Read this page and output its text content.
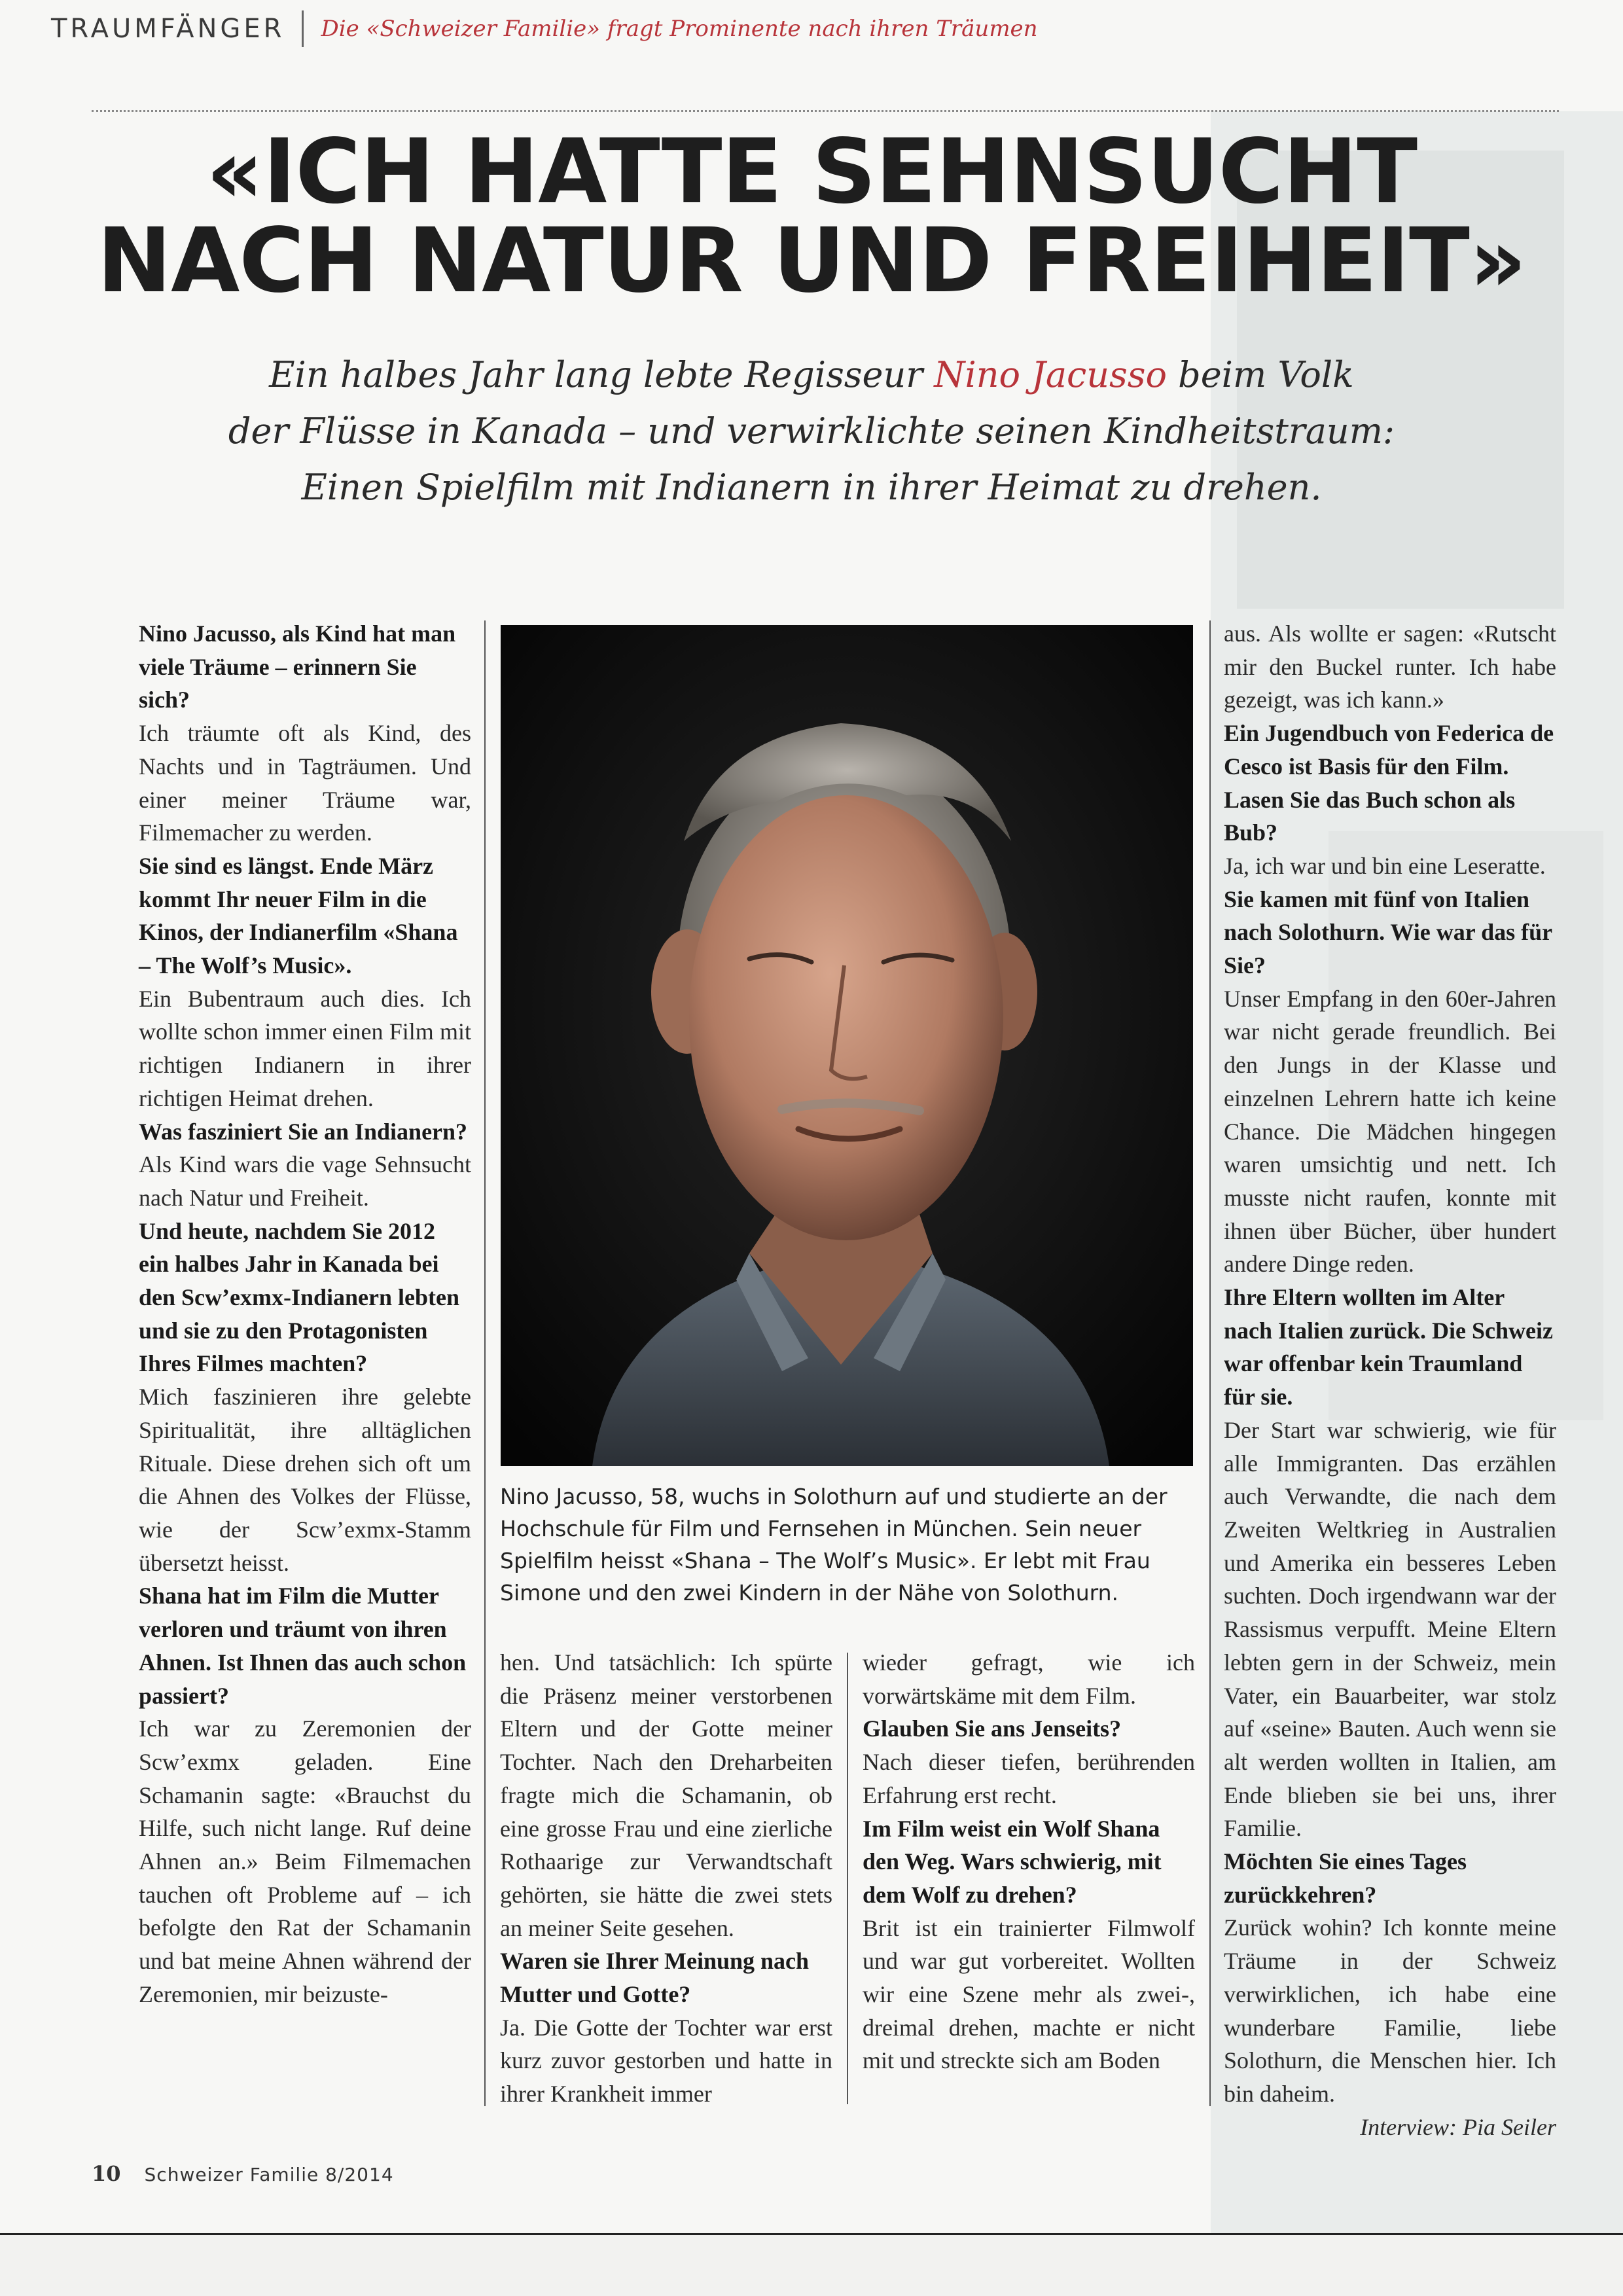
TRAUMFÄNGER Die «Schweizer Familie» fragt Prominente nach ihren Träumen
«ICH HATTE SEHNSUCHT
NACH NATUR UND FREIHEIT»
Ein halbes Jahr lang lebte Regisseur Nino Jacusso beim Volk
der Flüsse in Kanada – und verwirklichte seinen Kindheitstraum:
Einen Spielfilm mit Indianern in ihrer Heimat zu drehen.

Nino Jacusso, als Kind hat man viele Träume – erinnern Sie sich?

Ich träumte oft als Kind, des Nachts und in Tagträumen. Und einer meiner Träume war, Filmemacher zu werden.

Sie sind es längst. Ende März kommt Ihr neuer Film in die Kinos, der Indianerfilm «Shana – The Wolf’s Music».

Ein Bubentraum auch dies. Ich wollte schon immer einen Film mit richtigen Indianern in ihrer richtigen Heimat drehen.

Was fasziniert Sie an Indianern?

Als Kind wars die vage Sehnsucht nach Natur und Freiheit.

Und heute, nachdem Sie 2012 ein halbes Jahr in Kanada bei den Scw’exmx-Indianern lebten und sie zu den Protagonisten Ihres Filmes machten?

Mich faszinieren ihre gelebte Spiritualität, ihre alltäglichen Rituale. Diese drehen sich oft um die Ahnen des Volkes der Flüsse, wie der Scw’exmx-Stamm übersetzt heisst.

Shana hat im Film die Mutter verloren und träumt von ihren Ahnen. Ist Ihnen das auch schon passiert?

Ich war zu Zeremonien der Scw’exmx geladen. Eine Schamanin sagte: «Brauchst du Hilfe, such nicht lange. Ruf deine Ahnen an.» Beim Filmemachen tauchen oft Probleme auf – ich befolgte den Rat der Schamanin und bat meine Ahnen während der Zeremonien, mir beizuste-

Nino Jacusso, 58, wuchs in Solothurn auf und studierte an der Hochschule für Film und Fernsehen in München. Sein neuer Spielfilm heisst «Shana – The Wolf’s Music». Er lebt mit Frau Simone und den zwei Kindern in der Nähe von Solothurn.

hen. Und tatsächlich: Ich spürte die Präsenz meiner verstorbenen Eltern und der Gotte meiner Tochter. Nach den Dreharbeiten fragte mich die Schamanin, ob eine grosse Frau und eine zierliche Rothaarige zur Verwandtschaft gehörten, sie hätte die zwei stets an meiner Seite gesehen.

Waren sie Ihrer Meinung nach Mutter und Gotte?

Ja. Die Gotte der Tochter war erst kurz zuvor gestorben und hatte in ihrer Krankheit immer

wieder gefragt, wie ich vorwärtskäme mit dem Film.

Glauben Sie ans Jenseits?

Nach dieser tiefen, berührenden Erfahrung erst recht.

Im Film weist ein Wolf Shana den Weg. Wars schwierig, mit dem Wolf zu drehen?

Brit ist ein trainierter Filmwolf und war gut vorbereitet. Wollten wir eine Szene mehr als zwei-, dreimal drehen, machte er nicht mit und streckte sich am Boden

aus. Als wollte er sagen: «Rutscht mir den Buckel runter. Ich habe gezeigt, was ich kann.»

Ein Jugendbuch von Federica de Cesco ist Basis für den Film. Lasen Sie das Buch schon als Bub?

Ja, ich war und bin eine Leseratte.

Sie kamen mit fünf von Italien nach Solothurn. Wie war das für Sie?

Unser Empfang in den 60er-Jahren war nicht gerade freundlich. Bei den Jungs in der Klasse und einzelnen Lehrern hatte ich keine Chance. Die Mädchen hingegen waren umsichtig und nett. Ich musste nicht raufen, konnte mit ihnen über Bücher, über hundert andere Dinge reden.

Ihre Eltern wollten im Alter nach Italien zurück. Die Schweiz war offenbar kein Traumland für sie.

Der Start war schwierig, wie für alle Immigranten. Das erzählen auch Verwandte, die nach dem Zweiten Weltkrieg in Australien und Amerika ein besseres Leben suchten. Doch irgendwann war der Rassismus verpufft. Meine Eltern lebten gern in der Schweiz, mein Vater, ein Bauarbeiter, war stolz auf «seine» Bauten. Auch wenn sie alt werden wollten in Italien, am Ende blieben sie bei uns, ihrer Familie.

Möchten Sie eines Tages zurückkehren?

Zurück wohin? Ich konnte meine Träume in der Schweiz verwirklichen, ich habe eine wunderbare Familie, liebe Solothurn, die Menschen hier. Ich bin daheim.

Interview: Pia Seiler

10 Schweizer Familie 8/2014
